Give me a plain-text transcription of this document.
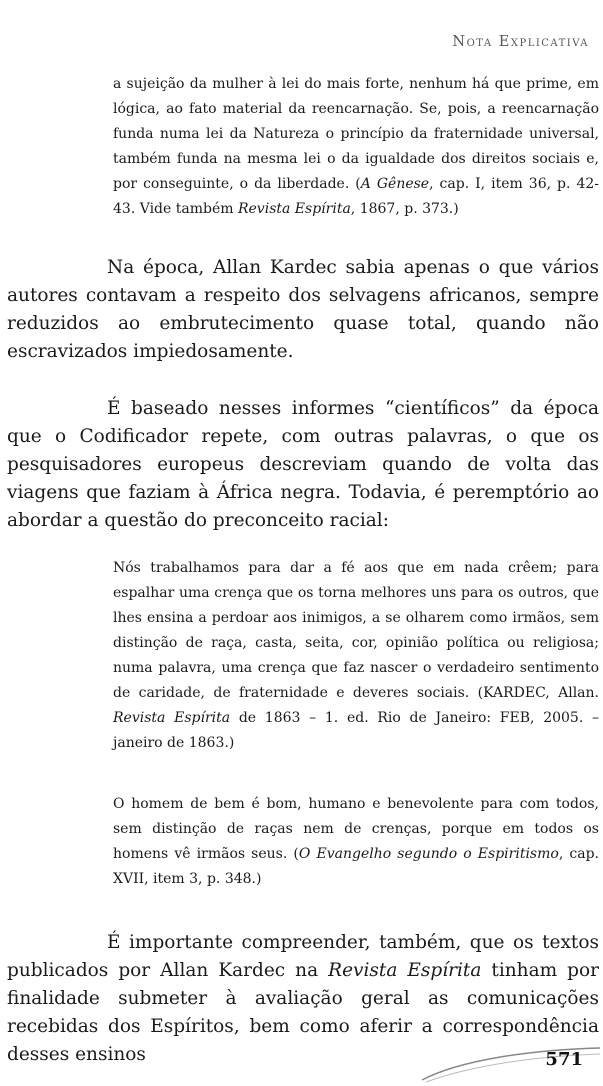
Nota Explicativa
a sujeição da mulher à lei do mais forte, nenhum há que prime, em lógica, ao fato material da reencarnação. Se, pois, a reencarnação funda numa lei da Natureza o princípio da fraternidade universal, também funda na mesma lei o da igualdade dos direitos sociais e, por conseguinte, o da liberdade. (A Gênese, cap. I, item 36, p. 42-43. Vide também Revista Espírita, 1867, p. 373.)
Na época, Allan Kardec sabia apenas o que vários autores contavam a respeito dos selvagens africanos, sempre reduzidos ao embrutecimento quase total, quando não escravizados impiedosamente.
É baseado nesses informes “científicos” da época que o Codificador repete, com outras palavras, o que os pesquisadores europeus descreviam quando de volta das viagens que faziam à África negra. Todavia, é peremptório ao abordar a questão do preconceito racial:
Nós trabalhamos para dar a fé aos que em nada crêem; para espalhar uma crença que os torna melhores uns para os outros, que lhes ensina a perdoar aos inimigos, a se olharem como irmãos, sem distinção de raça, casta, seita, cor, opinião política ou religiosa; numa palavra, uma crença que faz nascer o verdadeiro sentimento de caridade, de fraternidade e deveres sociais. (KARDEC, Allan. Revista Espírita de 1863 – 1. ed. Rio de Janeiro: FEB, 2005. – janeiro de 1863.)
O homem de bem é bom, humano e benevolente para com todos, sem distinção de raças nem de crenças, porque em todos os homens vê irmãos seus. (O Evangelho segundo o Espiritismo, cap. XVII, item 3, p. 348.)
É importante compreender, também, que os textos publicados por Allan Kardec na Revista Espírita tinham por finalidade submeter à avaliação geral as comunicações recebidas dos Espíritos, bem como aferir a correspondência desses ensinos	571
